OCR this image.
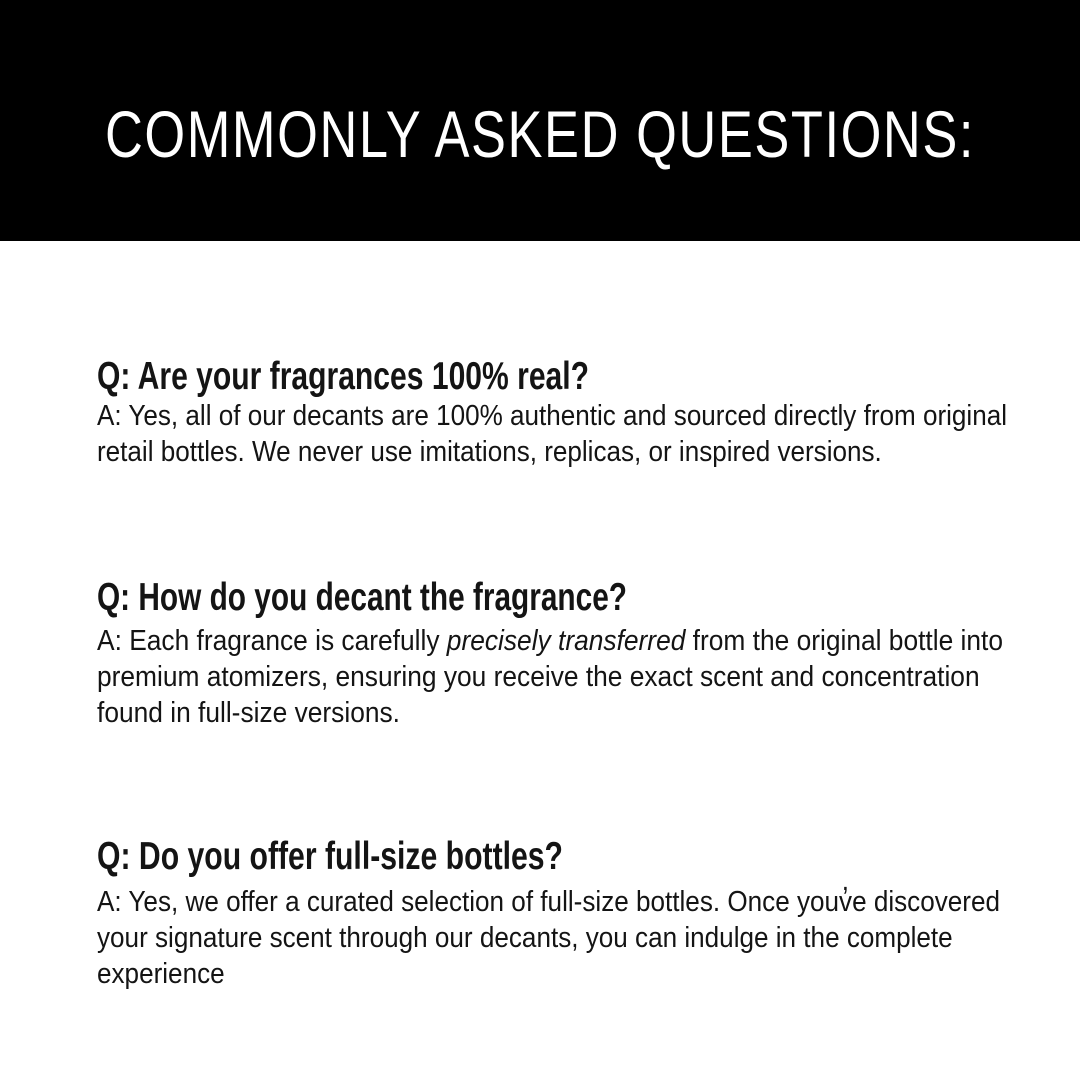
COMMONLY ASKED QUESTIONS:
Q: Are your fragrances 100% real?
A: Yes, all of our decants are 100% authentic and sourced directly from original
retail bottles. We never use imitations, replicas, or inspired versions.
Q: How do you decant the fragrance?
A: Each fragrance is carefully precisely transferred from the original bottle into
premium atomizers, ensuring you receive the exact scent and concentration
found in full-size versions.
Q: Do you offer full-size bottles?
A: Yes, we offer a curated selection of full-size bottles. Once youv̓e discovered
your signature scent through our decants, you can indulge in the complete
experience
